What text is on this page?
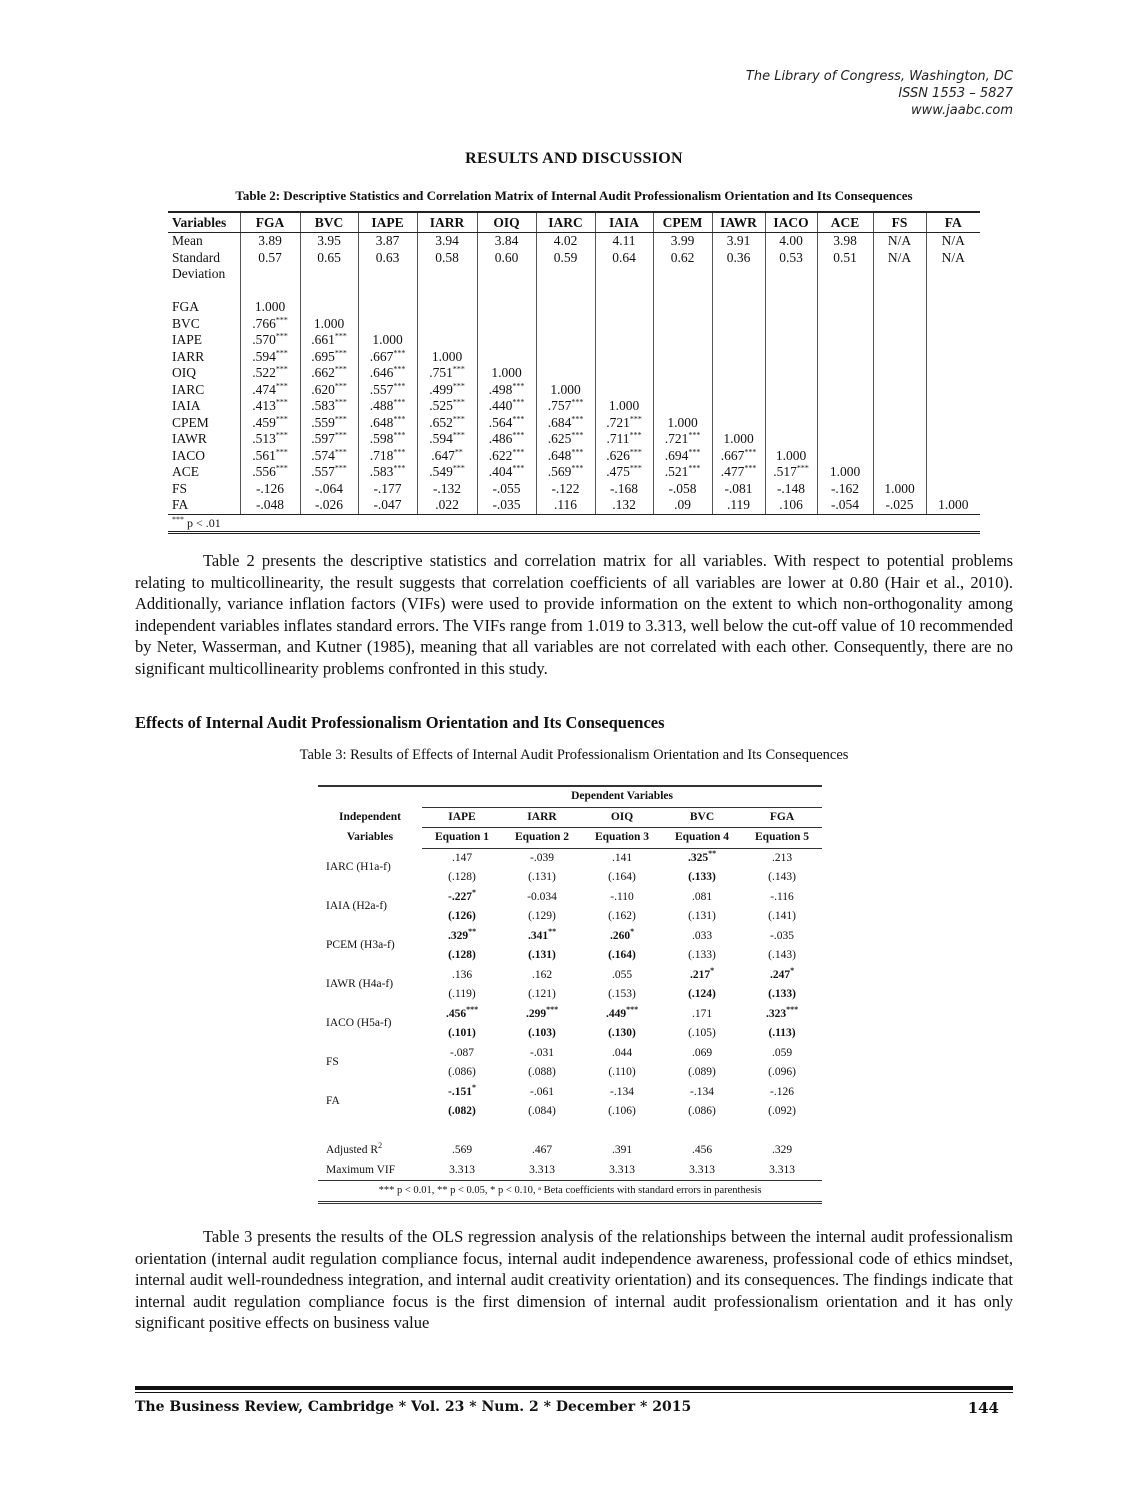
The Library of Congress, Washington, DC
ISSN 1553 – 5827
www.jaabc.com
RESULTS AND DISCUSSION
Table 2: Descriptive Statistics and Correlation Matrix of Internal Audit Professionalism Orientation and Its Consequences
Variables	FGA	BVC	IAPE	IARR	OIQ	IARC	IAIA	CPEM	IAWR	IACO	ACE	FS	FA
Mean	3.89	3.95	3.87	3.94	3.84	4.02	4.11	3.99	3.91	4.00	3.98	N/A	N/A
Standard	0.57	0.65	0.63	0.58	0.60	0.59	0.64	0.62	0.36	0.53	0.51	N/A	N/A
Deviation													

FGA	1.000												
BVC	.766***	1.000											
IAPE	.570***	.661***	1.000										
IARR	.594***	.695***	.667***	1.000									
OIQ	.522***	.662***	.646***	.751***	1.000								
IARC	.474***	.620***	.557***	.499***	.498***	1.000							
IAIA	.413***	.583***	.488***	.525***	.440***	.757***	1.000						
CPEM	.459***	.559***	.648***	.652***	.564***	.684***	.721***	1.000					
IAWR	.513***	.597***	.598***	.594***	.486***	.625***	.711***	.721***	1.000				
IACO	.561***	.574***	.718***	.647**	.622***	.648***	.626***	.694***	.667***	1.000			
ACE	.556***	.557***	.583***	.549***	.404***	.569***	.475***	.521***	.477***	.517***	1.000		
FS	-.126	-.064	-.177	-.132	-.055	-.122	-.168	-.058	-.081	-.148	-.162	1.000	
FA	-.048	-.026	-.047	.022	-.035	.116	.132	.09	.119	.106	-.054	-.025	1.000
*** p < .01													

Table 2 presents the descriptive statistics and correlation matrix for all variables. With respect to potential problems relating to multicollinearity, the result suggests that correlation coefficients of all variables are lower at 0.80 (Hair et al., 2010). Additionally, variance inflation factors (VIFs) were used to provide information on the extent to which non-orthogonality among independent variables inflates standard errors. The VIFs range from 1.019 to 3.313, well below the cut-off value of 10 recommended by Neter, Wasserman, and Kutner (1985), meaning that all variables are not correlated with each other. Consequently, there are no significant multicollinearity problems confronted in this study.

Effects of Internal Audit Professionalism Orientation and Its Consequences
Table 3: Results of Effects of Internal Audit Professionalism Orientation and Its Consequences
	Dependent Variables				
Independent	IAPE	IARR	OIQ	BVC	FGA
Variables	Equation 1	Equation 2	Equation 3	Equation 4	Equation 5
IARC (H1a-f)	.147	-.039	.141	.325**	.213
	(.128)	(.131)	(.164)	(.133)	(.143)
IAIA (H2a-f)	-.227*	-0.034	-.110	.081	-.116
	(.126)	(.129)	(.162)	(.131)	(.141)
PCEM (H3a-f)	.329**	.341**	.260*	.033	-.035
	(.128)	(.131)	(.164)	(.133)	(.143)
IAWR (H4a-f)	.136	.162	.055	.217*	.247*
	(.119)	(.121)	(.153)	(.124)	(.133)
IACO (H5a-f)	.456***	.299***	.449***	.171	.323***
	(.101)	(.103)	(.130)	(.105)	(.113)
FS	-.087	-.031	.044	.069	.059
	(.086)	(.088)	(.110)	(.089)	(.096)
FA	-.151*	-.061	-.134	-.134	-.126
	(.082)	(.084)	(.106)	(.086)	(.092)

Adjusted $R^2$	.569	.467	.391	.456	.329
Maximum VIF	3.313	3.313	3.313	3.313	3.313
*** p < 0.01, ** p < 0.05, * p < 0.10, ᵃ Beta coefficients with standard errors in parenthesis					

Table 3 presents the results of the OLS regression analysis of the relationships between the internal audit professionalism orientation (internal audit regulation compliance focus, internal audit independence awareness, professional code of ethics mindset, internal audit well-roundedness integration, and internal audit creativity orientation) and its consequences. The findings indicate that internal audit regulation compliance focus is the first dimension of internal audit professionalism orientation and it has only significant positive effects on business value

The Business Review, Cambridge * Vol. 23 * Num. 2 * December * 2015	144
